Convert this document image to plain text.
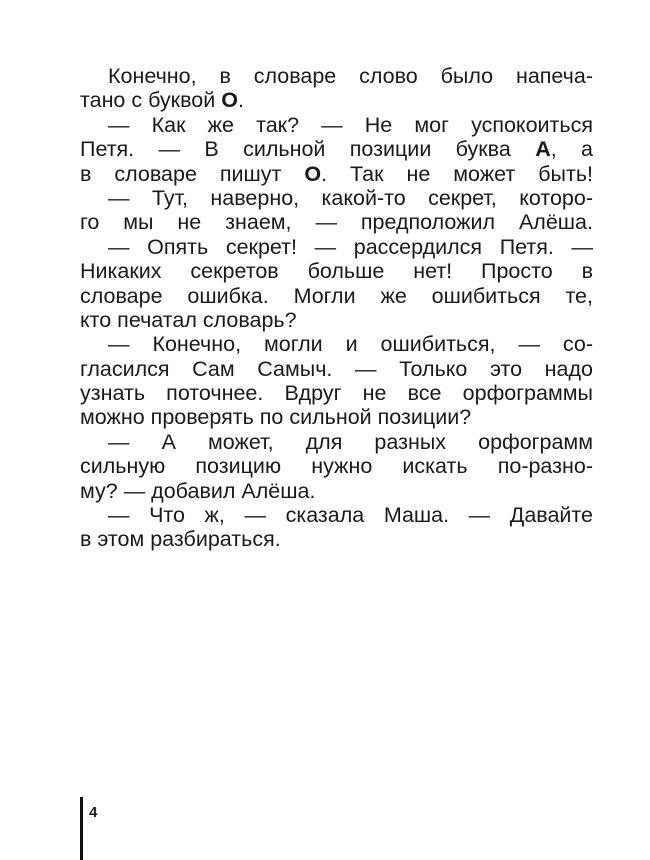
Конечно, в словаре слово было напеча-
тано с буквой О.
— Как же так? — Не мог успокоиться
Петя. — В сильной позиции буква А, а
в словаре пишут О. Так не может быть!
— Тут, наверно, какой-то секрет, которо-
го мы не знаем, — предположил Алёша.
— Опять секрет! — рассердился Петя. —
Никаких секретов больше нет! Просто в
словаре ошибка. Могли же ошибиться те,
кто печатал словарь?
— Конечно, могли и ошибиться, — со-
гласился Сам Самыч. — Только это надо
узнать поточнее. Вдруг не все орфограммы
можно проверять по сильной позиции?
— А может, для разных орфограмм
сильную позицию нужно искать по-разно-
му? — добавил Алёша.
— Что ж, — сказала Маша. — Давайте
в этом разбираться.
4
